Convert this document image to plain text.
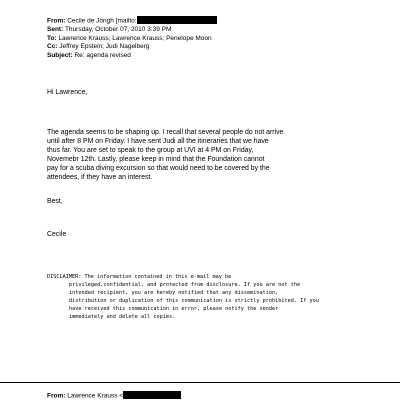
From: Cecile de Jongh [mailto:
Sent: Thursday, October 07, 2010 3:39 PM
To: Lawrence Krauss; Lawrence Krauss; Penelope Moon
Cc: Jeffrey Epstein; Judi Nagelberg
Subject: Re: agenda revised
Hi Lawrence,
The agenda seems to be shaping up. I recall that several people do not arrive
until after 8 PM on Friday. I have sent Judi all the itineraries that we have
thus far. You are set to speak to the group at UVI at 4 PM on Friday,
Novemebr 12th. Lastly, please keep in mind that the Foundation cannot
pay for a scuba diving excursion so that would need to be covered by the
attendees, if they have an interest.
Best,
Cecile
DISCLAIMER: The information contained in this e-mail may be
privileged,confidential, and protected from disclosure. If you are not the
intended recipient, you are hereby notified that any dissemination,
distribution or duplication of this communication is strictly prohibited. If you
have received this communication in error, please notify the sender
immediately and delete all copies.
From: Lawrence Krauss <
